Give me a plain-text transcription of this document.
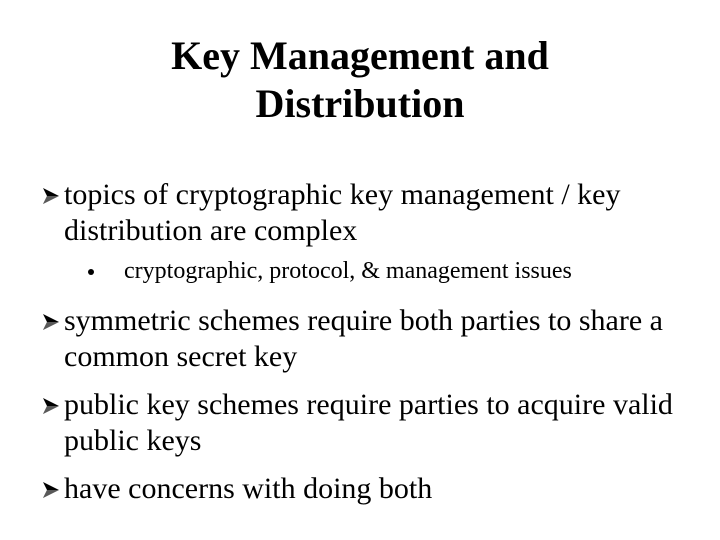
Key Management and
Distribution
topics of cryptographic key management / key distribution are complex
cryptographic, protocol, & management issues
symmetric schemes require both parties to share a common secret key
public key schemes require parties to acquire valid public keys
have concerns with doing both
